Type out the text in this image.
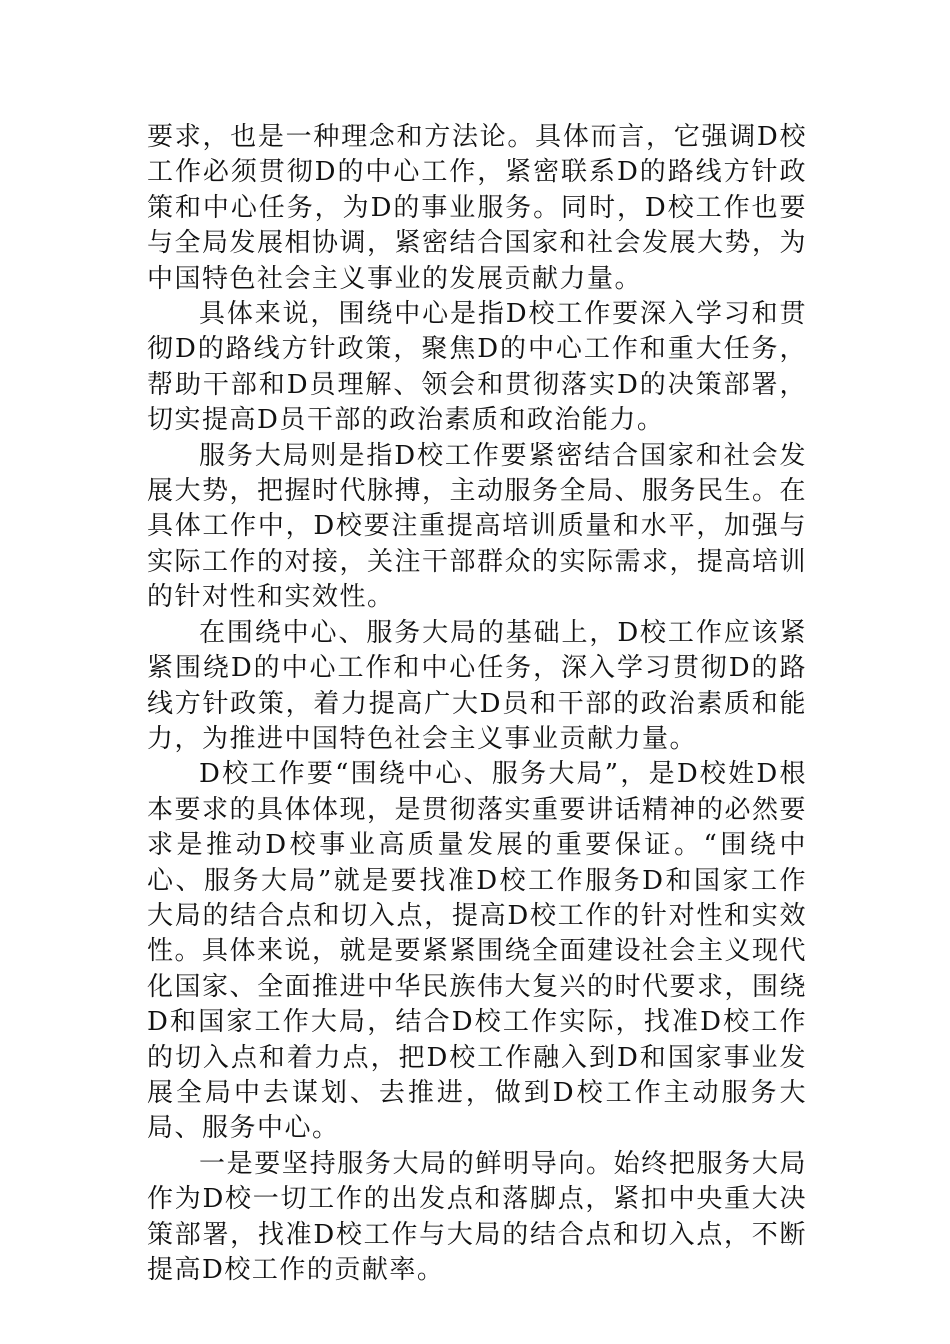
要求，也是一种理念和方法论。具体而言，它强调D校工作必须贯彻D的中心工作，紧密联系D的路线方针政策和中心任务，为D的事业服务。同时，D校工作也要与全局发展相协调，紧密结合国家和社会发展大势，为中国特色社会主义事业的发展贡献力量。

具体来说，围绕中心是指D校工作要深入学习和贯彻D的路线方针政策，聚焦D的中心工作和重大任务，帮助干部和D员理解、领会和贯彻落实D的决策部署，切实提高D员干部的政治素质和政治能力。

服务大局则是指D校工作要紧密结合国家和社会发展大势，把握时代脉搏，主动服务全局、服务民生。在具体工作中，D校要注重提高培训质量和水平，加强与实际工作的对接，关注干部群众的实际需求，提高培训的针对性和实效性。

在围绕中心、服务大局的基础上，D校工作应该紧紧围绕D的中心工作和中心任务，深入学习贯彻D的路线方针政策，着力提高广大D员和干部的政治素质和能力，为推进中国特色社会主义事业贡献力量。

D校工作要“围绕中心、服务大局”，是D校姓D根本要求的具体体现，是贯彻落实重要讲话精神的必然要求是推动D校事业高质量发展的重要保证。“围绕中心、服务大局”就是要找准D校工作服务D和国家工作大局的结合点和切入点，提高D校工作的针对性和实效性。具体来说，就是要紧紧围绕全面建设社会主义现代化国家、全面推进中华民族伟大复兴的时代要求，围绕D和国家工作大局，结合D校工作实际，找准D校工作的切入点和着力点，把D校工作融入到D和国家事业发展全局中去谋划、去推进，做到D校工作主动服务大局、服务中心。

一是要坚持服务大局的鲜明导向。始终把服务大局作为D校一切工作的出发点和落脚点，紧扣中央重大决策部署，找准D校工作与大局的结合点和切入点，不断提高D校工作的贡献率。
